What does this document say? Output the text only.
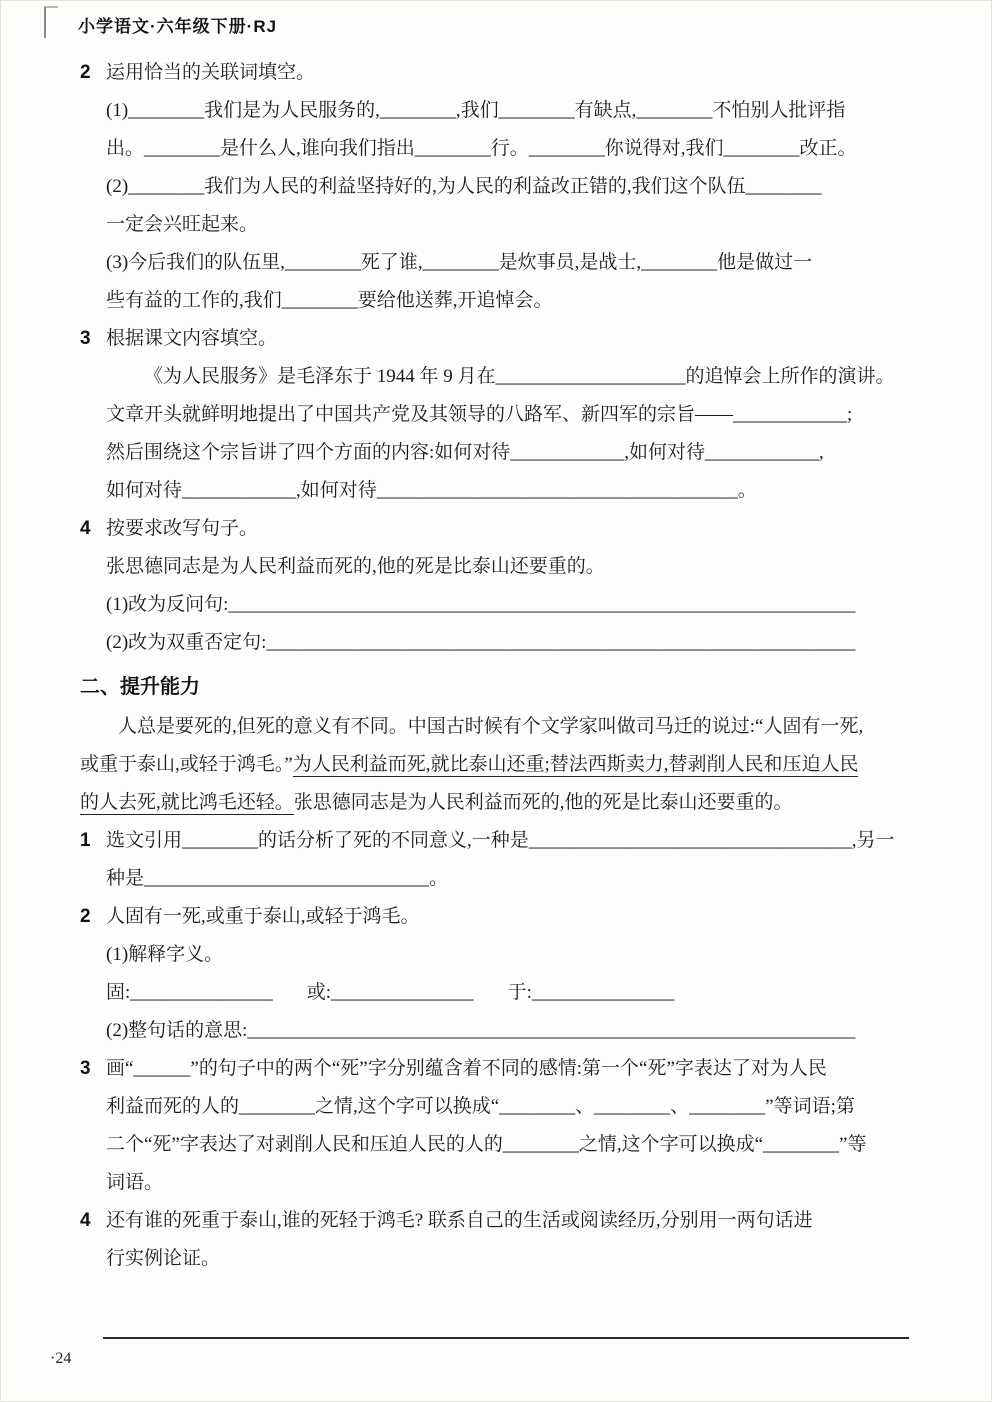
小学语文·六年级下册·RJ
2 运用恰当的关联词填空。
(1)________我们是为人民服务的,________,我们________有缺点,________不怕别人批评指
出。________是什么人,谁向我们指出________行。________你说得对,我们________改正。
(2)________我们为人民的利益坚持好的,为人民的利益改正错的,我们这个队伍________
一定会兴旺起来。
(3)今后我们的队伍里,________死了谁,________是炊事员,是战士,________他是做过一
些有益的工作的,我们________要给他送葬,开追悼会。
3 根据课文内容填空。
《为人民服务》是毛泽东于 1944 年 9 月在____________________的追悼会上所作的演讲。
文章开头就鲜明地提出了中国共产党及其领导的八路军、新四军的宗旨——____________;
然后围绕这个宗旨讲了四个方面的内容:如何对待____________,如何对待____________,
如何对待____________,如何对待______________________________________。
4 按要求改写句子。
张思德同志是为人民利益而死的,他的死是比泰山还要重的。
(1)改为反问句:__________________________________________________________________
(2)改为双重否定句:______________________________________________________________
二、提升能力
人总是要死的,但死的意义有不同。中国古时候有个文学家叫做司马迁的说过:“人固有一死,
或重于泰山,或轻于鸿毛。”为人民利益而死,就比泰山还重;替法西斯卖力,替剥削人民和压迫人民
的人去死,就比鸿毛还轻。张思德同志是为人民利益而死的,他的死是比泰山还要重的。
1 选文引用________的话分析了死的不同意义,一种是__________________________________,另一
种是______________________________。
2 人固有一死,或重于泰山,或轻于鸿毛。
(1)解释字义。
固:_______________ 或:_______________ 于:_______________
(2)整句话的意思:________________________________________________________________
3 画“______”的句子中的两个“死”字分别蕴含着不同的感情:第一个“死”字表达了对为人民
利益而死的人的________之情,这个字可以换成“________、________、________”等词语;第
二个“死”字表达了对剥削人民和压迫人民的人的________之情,这个字可以换成“________”等
词语。
4 还有谁的死重于泰山,谁的死轻于鸿毛? 联系自己的生活或阅读经历,分别用一两句话进
行实例论证。
·24
